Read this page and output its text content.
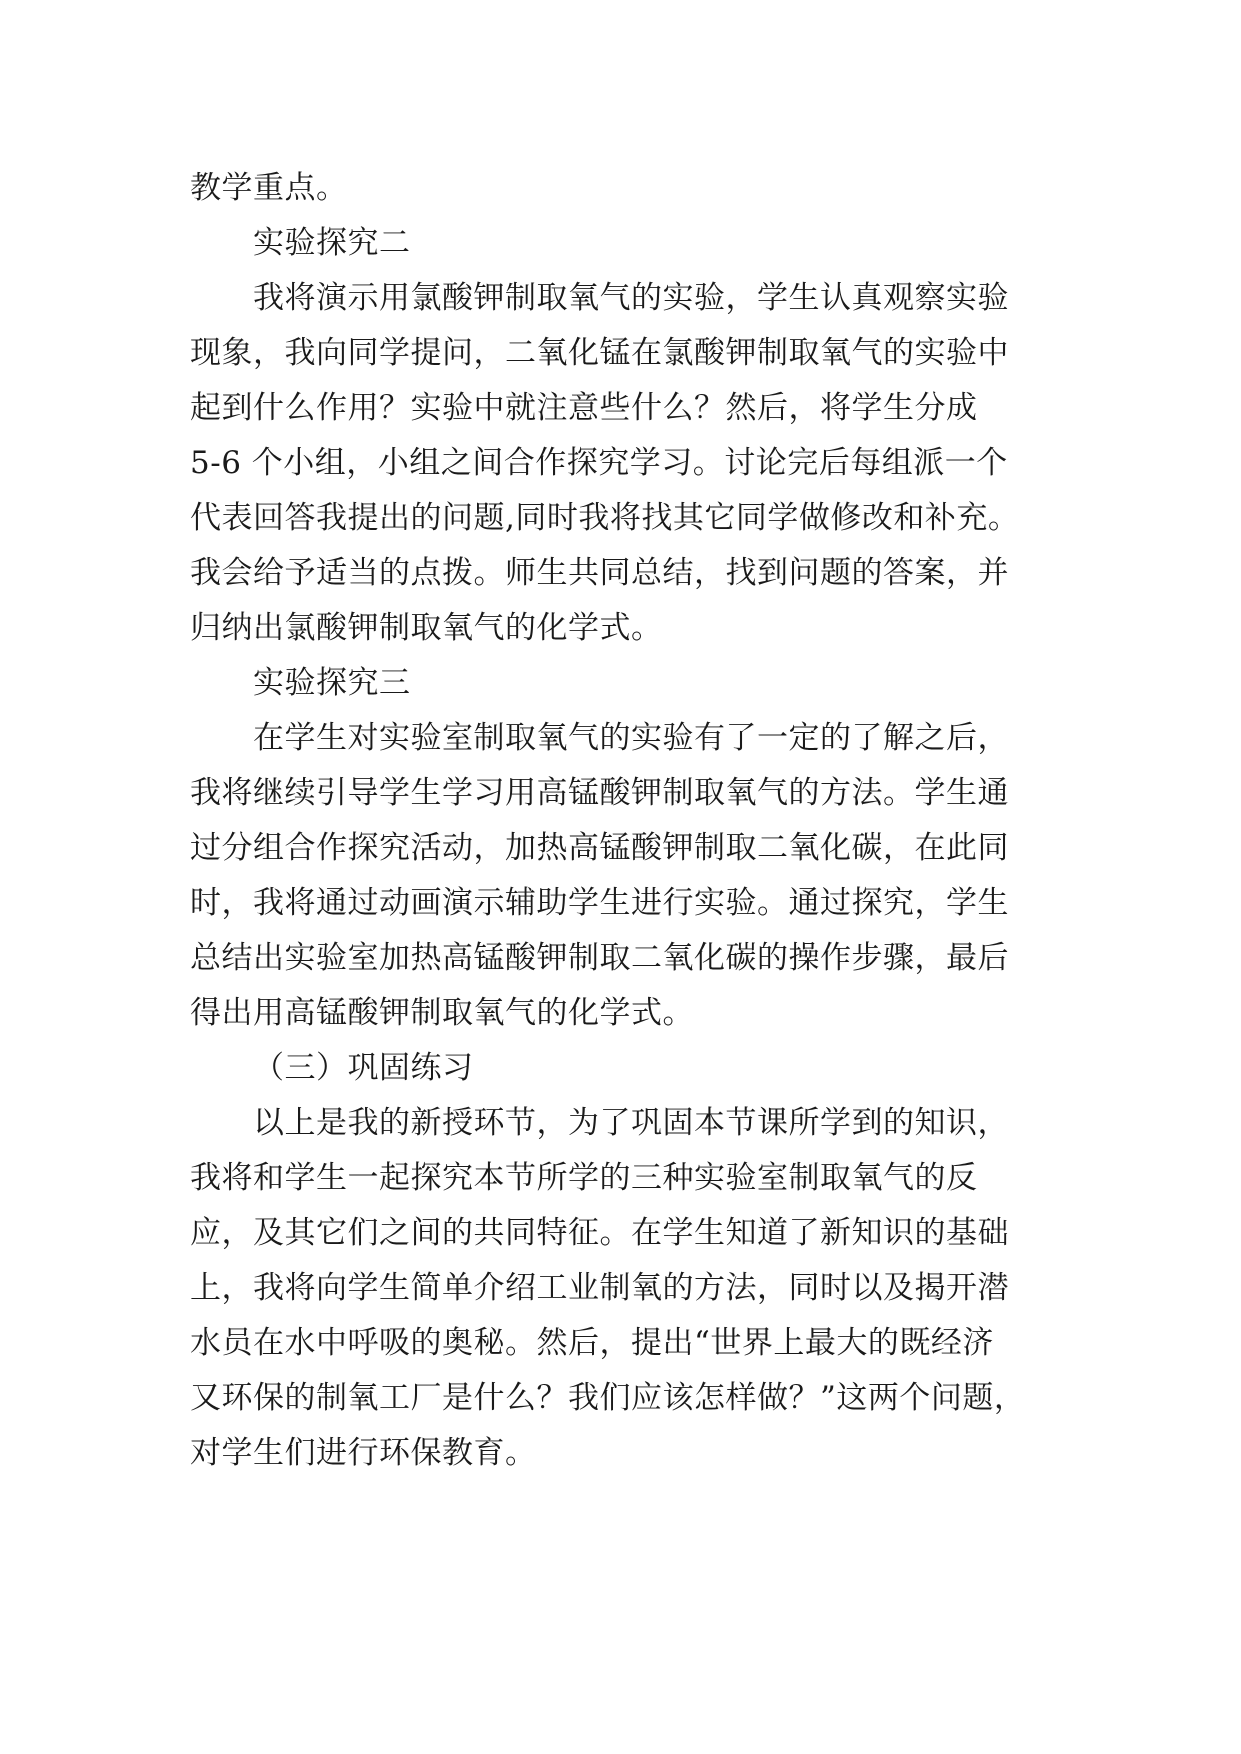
教学重点。

实验探究二

我将演示用氯酸钾制取氧气的实验，学生认真观察实验

现象，我向同学提问，二氧化锰在氯酸钾制取氧气的实验中

起到什么作用？实验中就注意些什么？然后，将学生分成

5-6 个小组，小组之间合作探究学习。讨论完后每组派一个

代表回答我提出的问题,同时我将找其它同学做修改和补充。

我会给予适当的点拨。师生共同总结，找到问题的答案，并

归纳出氯酸钾制取氧气的化学式。

实验探究三

在学生对实验室制取氧气的实验有了一定的了解之后，

我将继续引导学生学习用高锰酸钾制取氧气的方法。学生通

过分组合作探究活动，加热高锰酸钾制取二氧化碳，在此同

时，我将通过动画演示辅助学生进行实验。通过探究，学生

总结出实验室加热高锰酸钾制取二氧化碳的操作步骤，最后

得出用高锰酸钾制取氧气的化学式。

（三）巩固练习

以上是我的新授环节，为了巩固本节课所学到的知识，

我将和学生一起探究本节所学的三种实验室制取氧气的反

应，及其它们之间的共同特征。在学生知道了新知识的基础

上，我将向学生简单介绍工业制氧的方法，同时以及揭开潜

水员在水中呼吸的奥秘。然后，提出“世界上最大的既经济

又环保的制氧工厂是什么？我们应该怎样做？”这两个问题，

对学生们进行环保教育。
